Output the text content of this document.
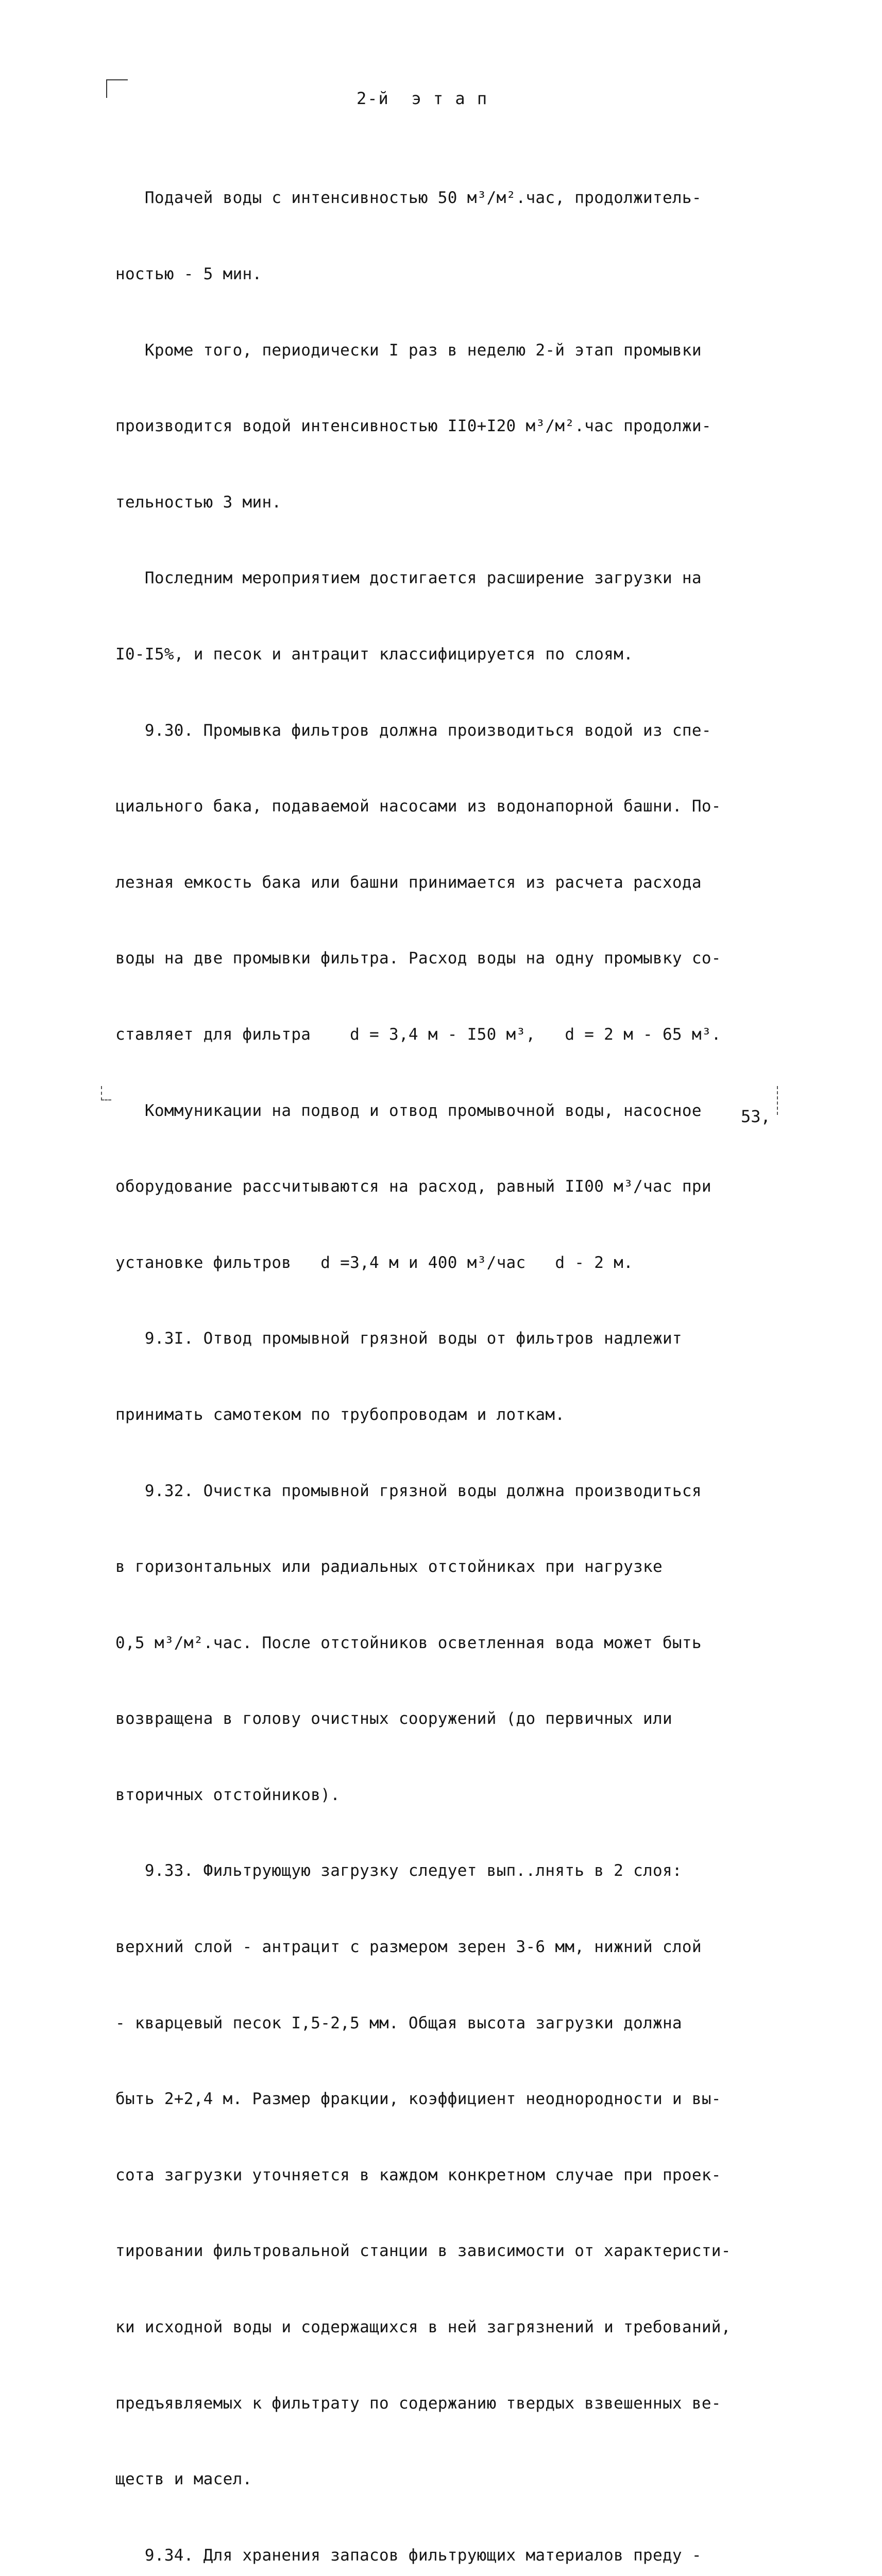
2-й  э т а п

Подачей воды с интенсивностью 50 м³/м².час, продолжитель-

ностью - 5 мин.

Кроме того, периодически I раз в неделю 2-й этап промывки

производится водой интенсивностью II0+I20 м³/м².час продолжи-

тельностью 3 мин.

Последним мероприятием достигается расширение загрузки на

I0-I5%, и песок и антрацит классифицируется по слоям.

9.30. Промывка фильтров должна производиться водой из спе-

циального бака, подаваемой насосами из водонапорной башни. По-

лезная емкость бака или башни принимается из расчета расхода

воды на две промывки фильтра. Расход воды на одну промывку со-

ставляет для фильтра    d = 3,4 м - I50 м³,   d = 2 м - 65 м³.

Коммуникации на подвод и отвод промывочной воды, насосное

оборудование рассчитываются на расход, равный II00 м³/час при

установке фильтров   d =3,4 м и 400 м³/час   d - 2 м.

9.3I. Отвод промывной грязной воды от фильтров надлежит

принимать самотеком по трубопроводам и лоткам.

9.32. Очистка промывной грязной воды должна производиться

в горизонтальных или радиальных отстойниках при нагрузке

0,5 м³/м².час. После отстойников осветленная вода может быть

возвращена в голову очистных сооружений (до первичных или

вторичных отстойников).

9.33. Фильтрующую загрузку следует вып..лнять в 2 слоя:

верхний слой - антрацит с размером зерен 3-6 мм, нижний слой

- кварцевый песок I,5-2,5 мм. Общая высота загрузки должна

быть 2+2,4 м. Размер фракции, коэффициент неоднородности и вы-

сота загрузки уточняется в каждом конкретном случае при проек-

тировании фильтровальной станции в зависимости от характеристи-

ки исходной воды и содержащихся в ней загрязнений и требований,

предъявляемых к фильтрату по содержанию твердых взвешенных ве-

ществ и масел.

9.34. Для хранения запасов фильтрующих материалов преду -

53,
